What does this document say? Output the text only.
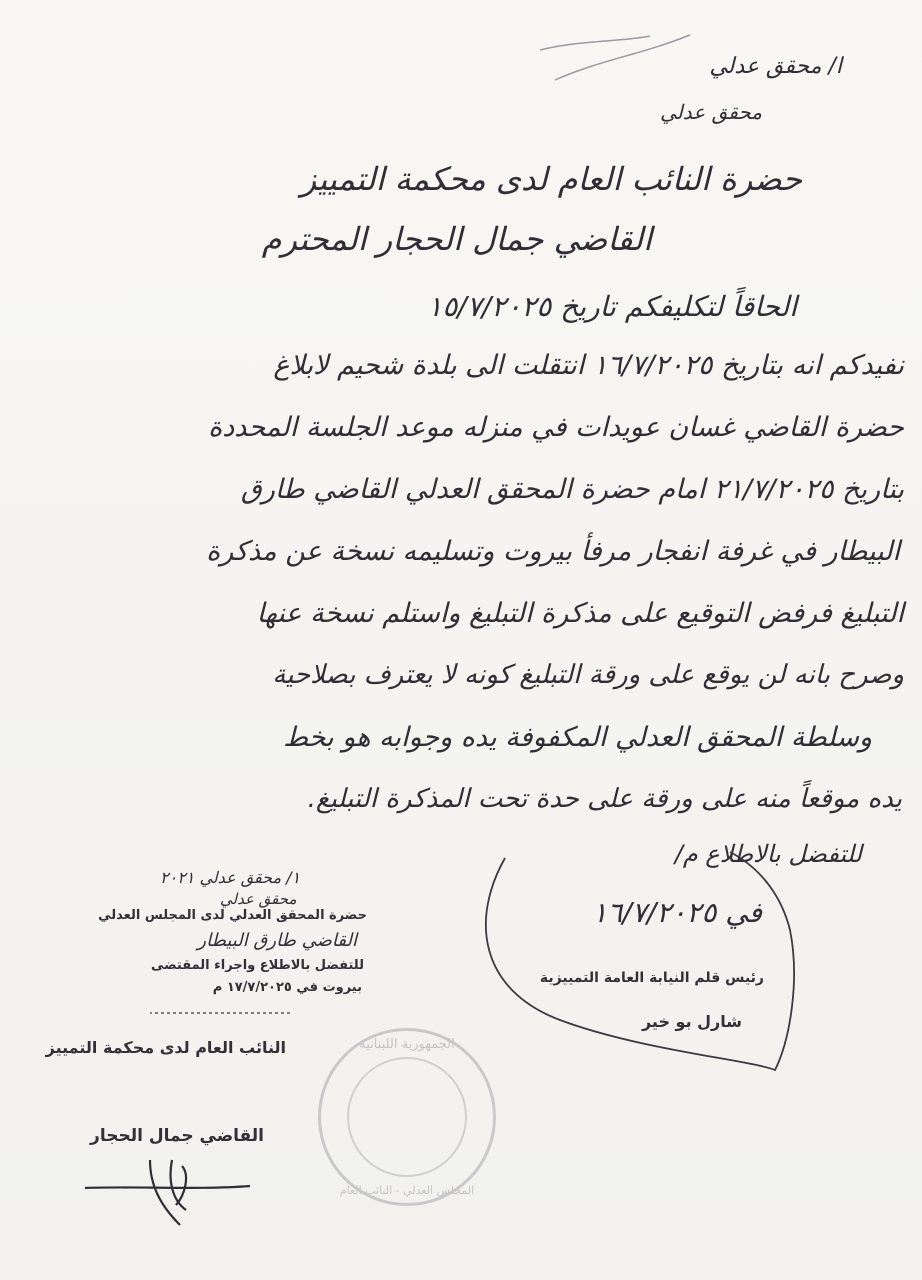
ا/ محقق عدلي
محقق عدلي
حضرة النائب العام لدى محكمة التمييز
القاضي جمال الحجار المحترم
الحاقاً لتكليفكم تاريخ ١٥/٧/٢٠٢٥
نفيدكم انه بتاريخ ١٦/٧/٢٠٢٥ انتقلت الى بلدة شحيم لابلاغ
حضرة القاضي غسان عويدات في منزله موعد الجلسة المحددة
بتاريخ ٢١/٧/٢٠٢٥ امام حضرة المحقق العدلي القاضي طارق
البيطار في غرفة انفجار مرفأ بيروت وتسليمه نسخة عن مذكرة
التبليغ فرفض التوقيع على مذكرة التبليغ واستلم نسخة عنها
وصرح بانه لن يوقع على ورقة التبليغ كونه لا يعترف بصلاحية
وسلطة المحقق العدلي المكفوفة يده وجوابه هو بخط
يده موقعاً منه على ورقة على حدة تحت المذكرة التبليغ.
للتفضل بالاطلاع م/
في ١٦/٧/٢٠٢٥
١/ محقق عدلي ٢٠٢١
محقق عدلي
حضرة المحقق العدلي لدى المجلس العدلي
القاضي طارق البيطار
للتفضل بالاطلاع واجراء المقتضى
بيروت في ١٧/٧/٢٠٢٥ م
رئيس قلم النيابة العامة التمييزية
شارل بو خير
النائب العام لدى محكمة التمييز
القاضي جمال الحجار
الجمهورية اللبنانية
المجلس العدلي - النائب العام
